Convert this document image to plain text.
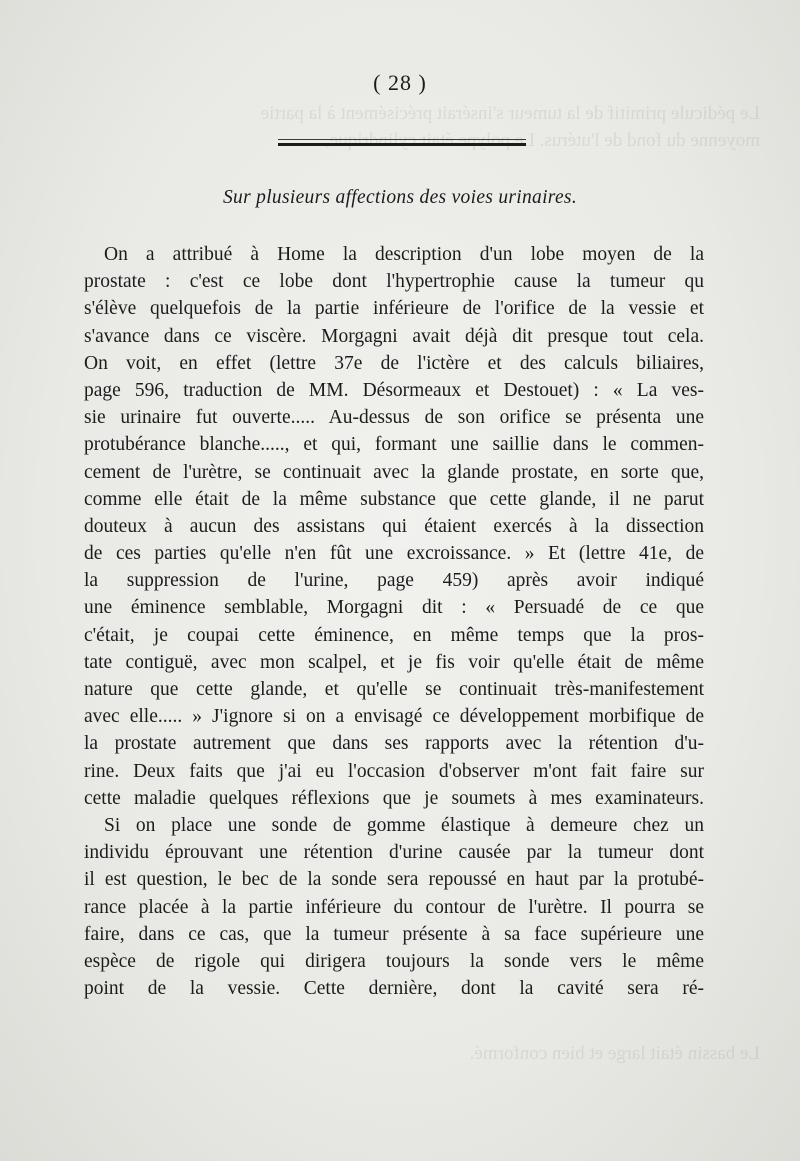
Le pédicule primitif de la tumeur s'insérait précisément à la partie
moyenne du fond de l'utérus. Le polype était cylindrique,
Le bassin était large et bien conformé.
( 28 )
Sur plusieurs affections des voies urinaires.
On a attribué à Home la description d'un lobe moyen de la
prostate : c'est ce lobe dont l'hypertrophie cause la tumeur qu
s'élève quelquefois de la partie inférieure de l'orifice de la vessie et
s'avance dans ce viscère. Morgagni avait déjà dit presque tout cela.
On voit, en effet (lettre 37e de l'ictère et des calculs biliaires,
page 596, traduction de MM. Désormeaux et Destouet) : « La ves-
sie urinaire fut ouverte..... Au-dessus de son orifice se présenta une
protubérance blanche....., et qui, formant une saillie dans le commen-
cement de l'urètre, se continuait avec la glande prostate, en sorte que,
comme elle était de la même substance que cette glande, il ne parut
douteux à aucun des assistans qui étaient exercés à la dissection
de ces parties qu'elle n'en fût une excroissance. » Et (lettre 41e, de
la suppression de l'urine, page 459) après avoir indiqué
une éminence semblable, Morgagni dit : « Persuadé de ce que
c'était, je coupai cette éminence, en même temps que la pros-
tate contiguë, avec mon scalpel, et je fis voir qu'elle était de même
nature que cette glande, et qu'elle se continuait très-manifestement
avec elle..... » J'ignore si on a envisagé ce développement morbifique de
la prostate autrement que dans ses rapports avec la rétention d'u-
rine. Deux faits que j'ai eu l'occasion d'observer m'ont fait faire sur
cette maladie quelques réflexions que je soumets à mes examinateurs.
Si on place une sonde de gomme élastique à demeure chez un
individu éprouvant une rétention d'urine causée par la tumeur dont
il est question, le bec de la sonde sera repoussé en haut par la protubé-
rance placée à la partie inférieure du contour de l'urètre. Il pourra se
faire, dans ce cas, que la tumeur présente à sa face supérieure une
espèce de rigole qui dirigera toujours la sonde vers le même
point de la vessie. Cette dernière, dont la cavité sera ré-
